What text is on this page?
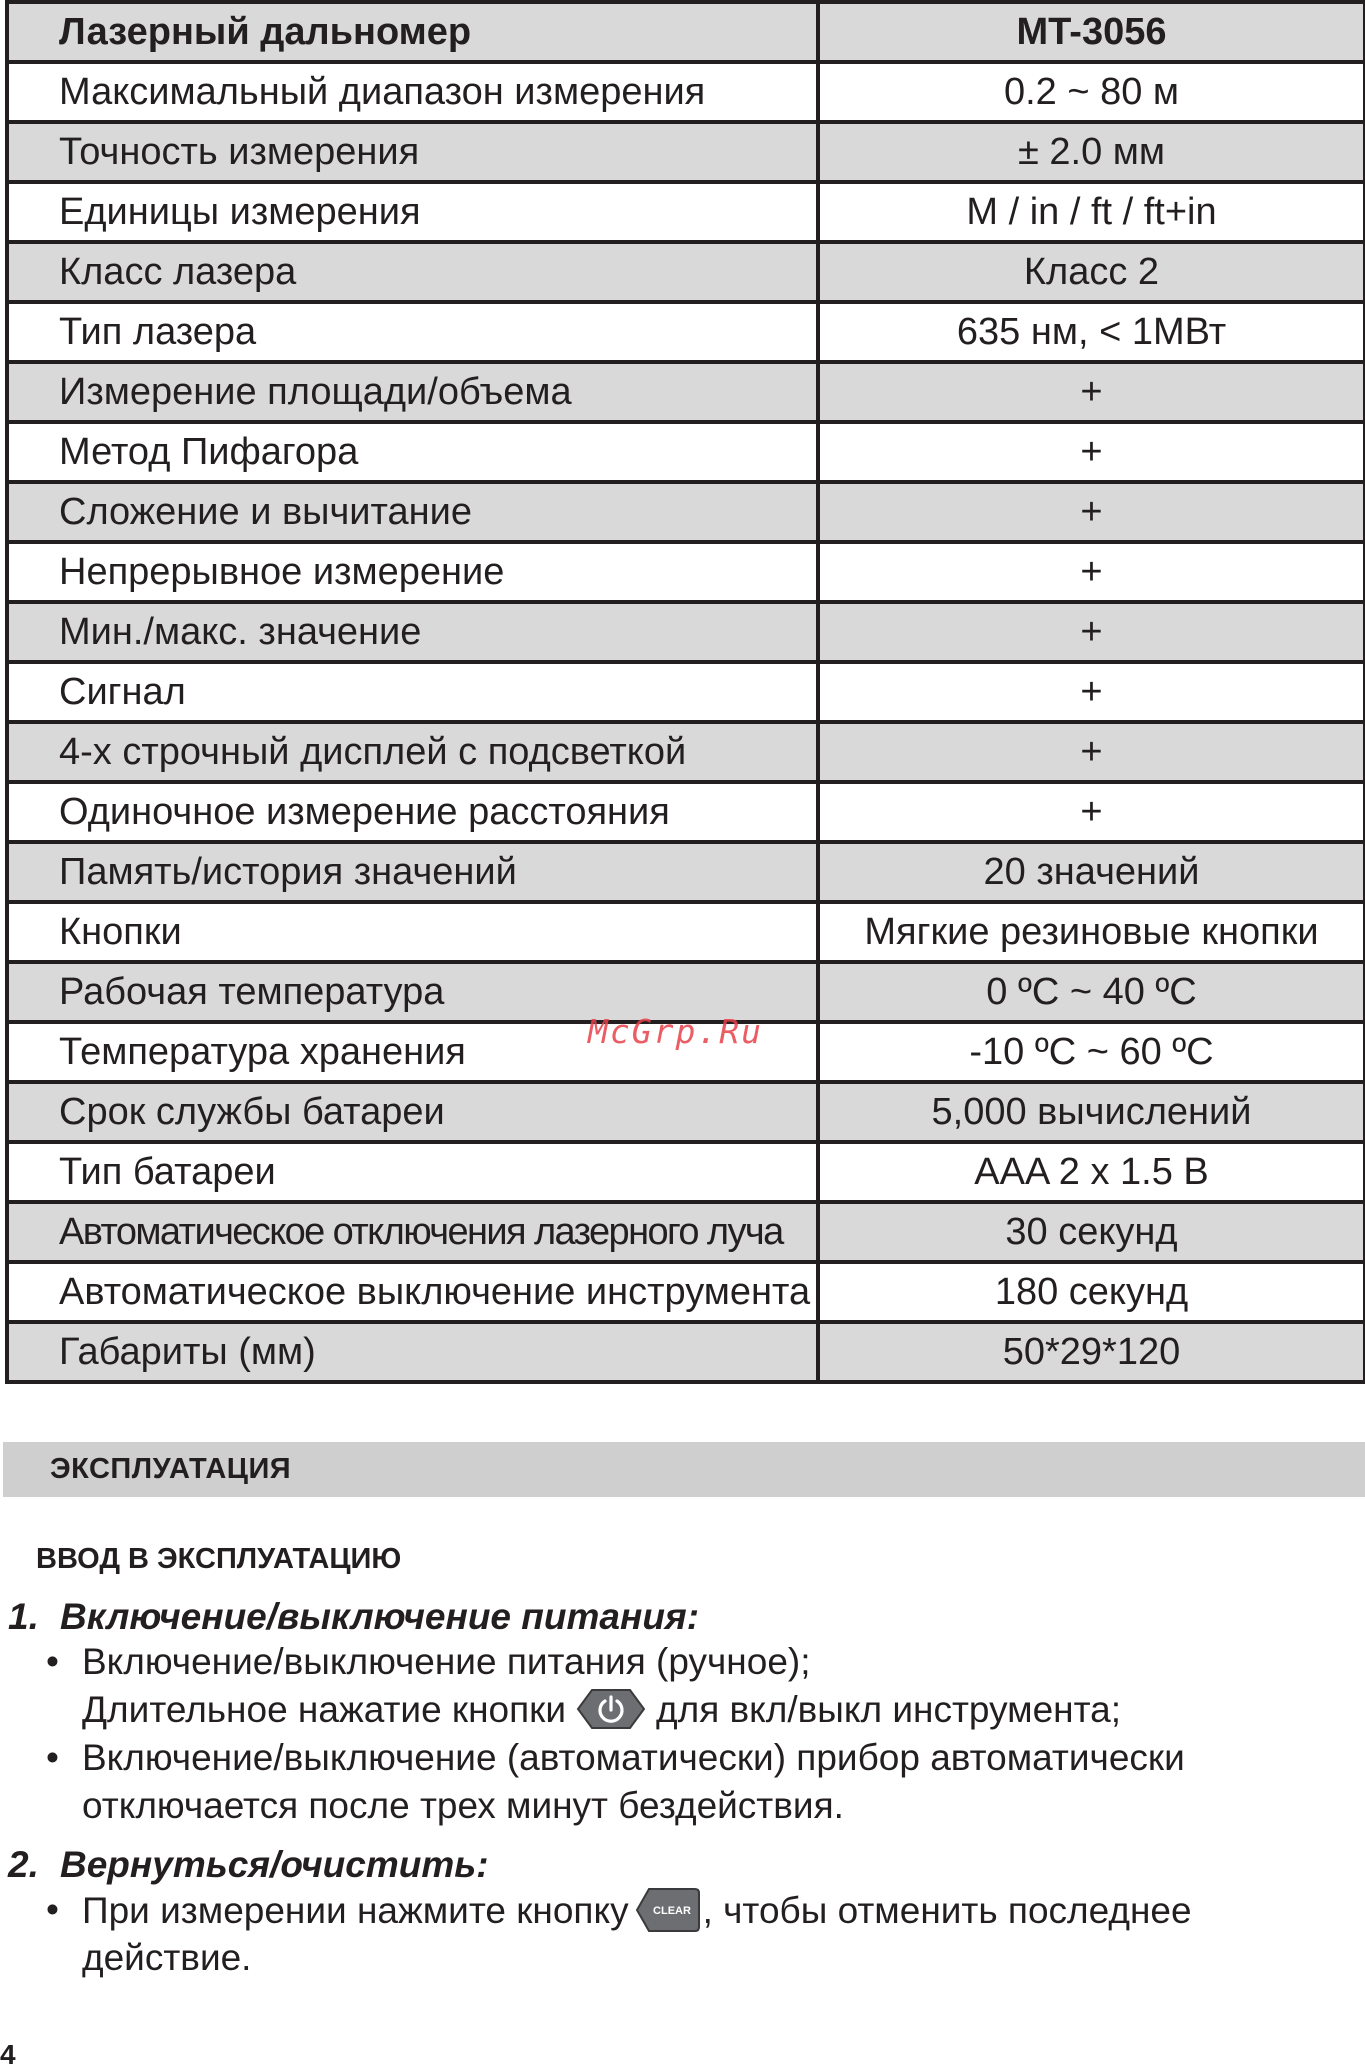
Лазерный дальномер	MT-3056
Максимальный диапазон измерения	0.2 ~ 80 м
Точность измерения	± 2.0 мм
Единицы измерения	M / in / ft / ft+in
Класс лазера	Класс 2
Тип лазера	635 нм, < 1МВт
Измерение площади/объема	+
Метод Пифагора	+
Сложение и вычитание	+
Непрерывное измерение	+
Мин./макс. значение	+
Сигнал	+
4-х строчный дисплей с подсветкой	+
Одиночное измерение расстояния	+
Память/история значений	20 значений
Кнопки	Мягкие резиновые кнопки
Рабочая температура	0 ºC ~ 40 ºC
Температура хранения	-10 ºC ~ 60 ºC
Срок службы батареи	5,000 вычислений
Тип батареи	AAA 2 x 1.5 B
Автоматическое отключения лазерного луча	30 секунд
Автоматическое выключение инструмента	180 секунд
Габариты (мм)	50*29*120
McGrp.Ru
ЭКСПЛУАТАЦИЯ
ВВОД В ЭКСПЛУАТАЦИЮ
1. Включение/выключение питания:
• Включение/выключение питания (ручное);
Длительное нажатие кнопки для вкл/выкл инструмента;
• Включение/выключение (автоматически) прибор автоматически
отключается после трех минут бездействия.
2. Вернуться/очистить:
• При измерении нажмите кнопку CLEAR , чтобы отменить последнее
действие.
4
